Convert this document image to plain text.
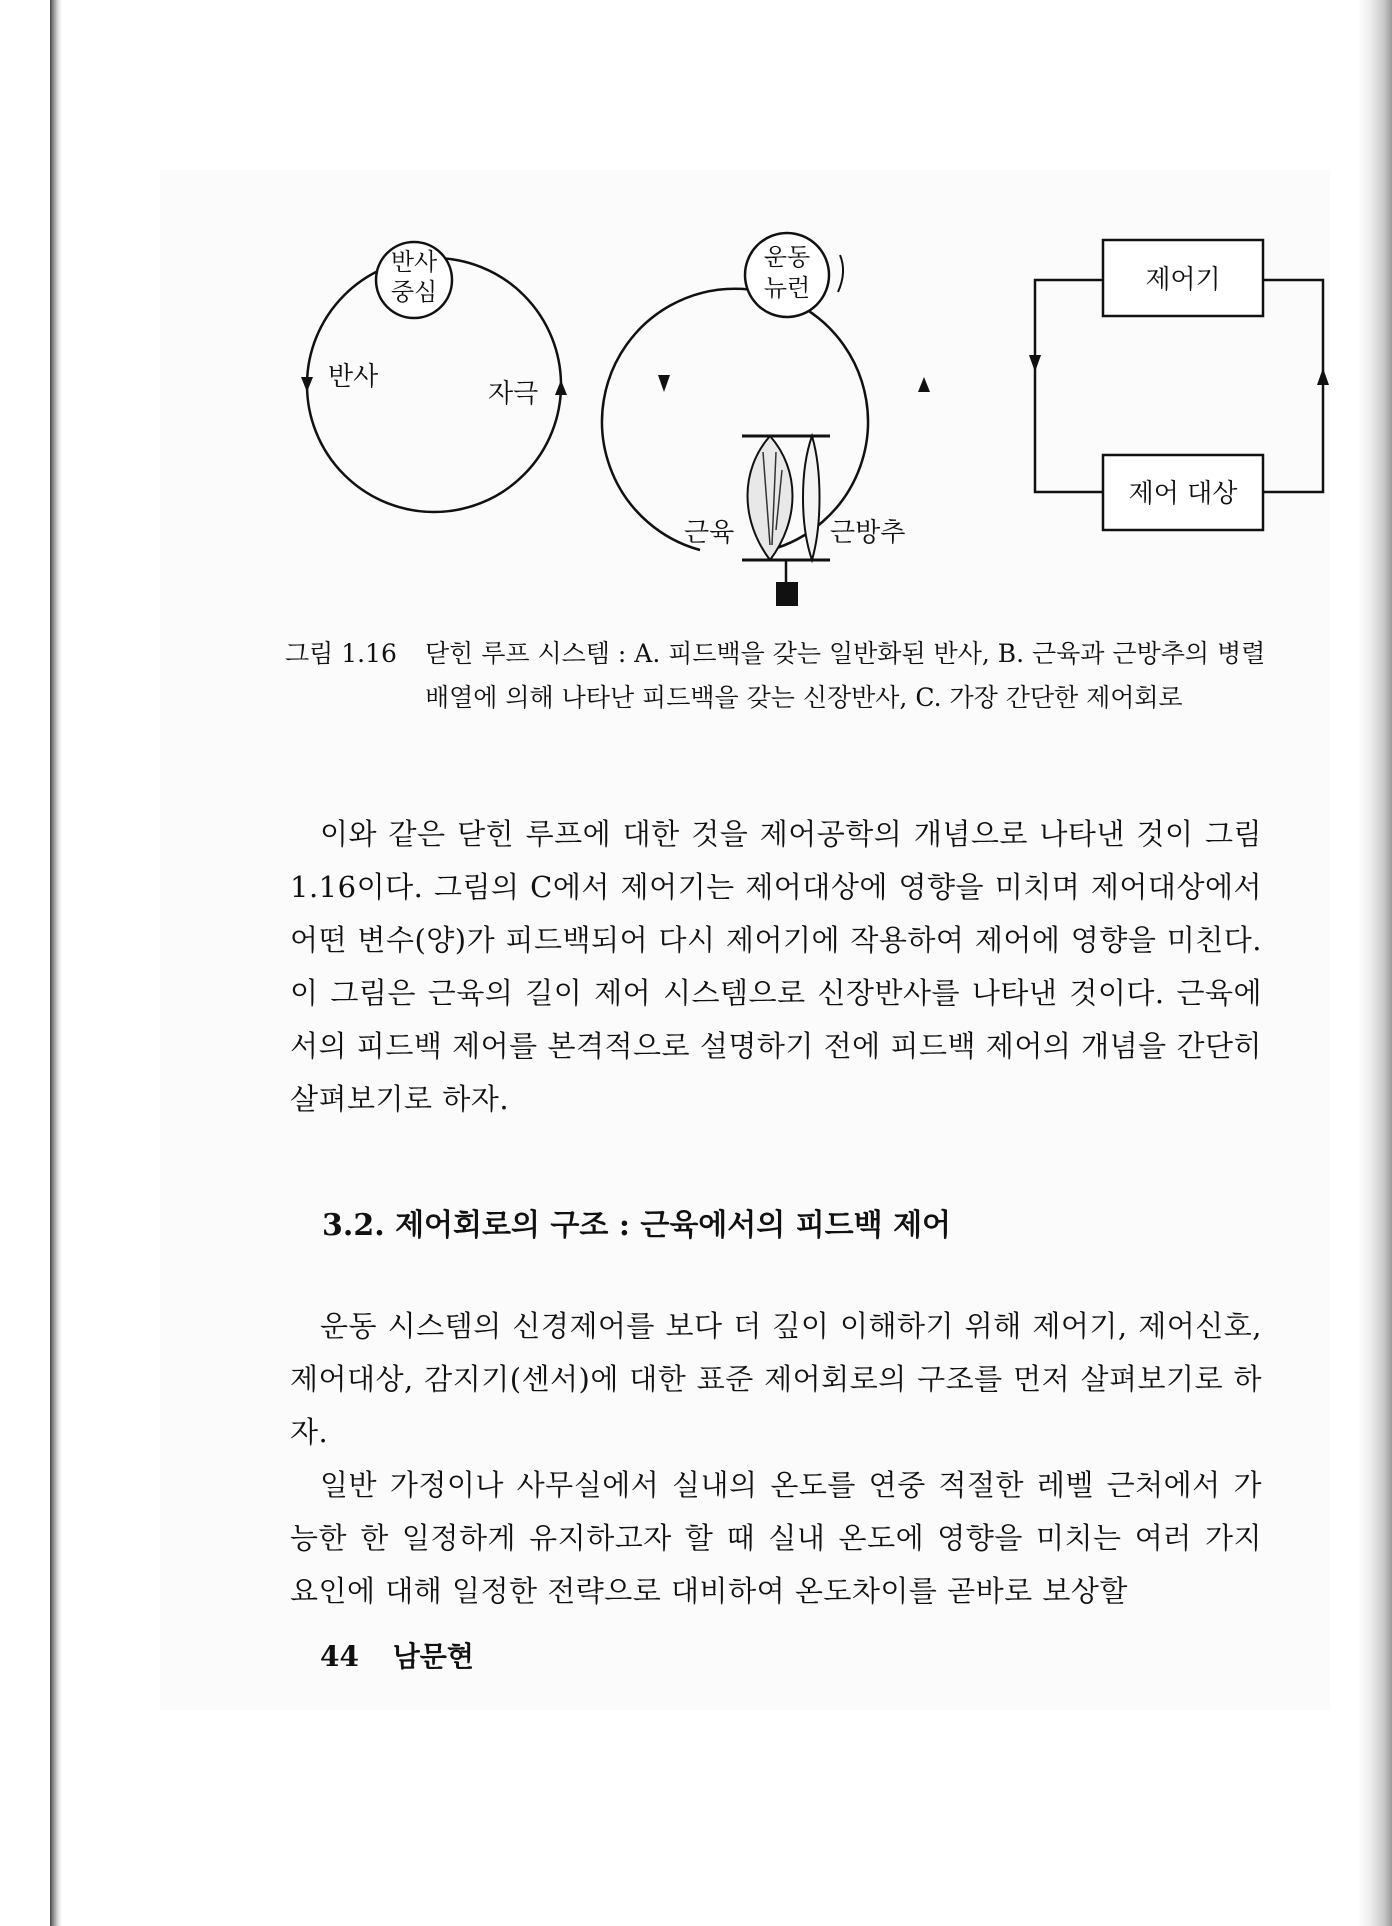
반사
중심
반사
자극
운동
뉴런
근육	근방추
제어기
제어 대상
그림 1.16	닫힌 루프 시스템 : A. 피드백을 갖는 일반화된 반사, B. 근육과 근방추의 병렬 배열에 의해 나타난 피드백을 갖는 신장반사, C. 가장 간단한 제어회로

이와 같은 닫힌 루프에 대한 것을 제어공학의 개념으로 나타낸 것이 그림 1.16이다. 그림의 C에서 제어기는 제어대상에 영향을 미치며 제어대상에서 어떤 변수(양)가 피드백되어 다시 제어기에 작용하여 제어에 영향을 미친다. 이 그림은 근육의 길이 제어 시스템으로 신장반사를 나타낸 것이다. 근육에서의 피드백 제어를 본격적으로 설명하기 전에 피드백 제어의 개념을 간단히 살펴보기로 하자.

3.2. 제어회로의 구조 : 근육에서의 피드백 제어

운동 시스템의 신경제어를 보다 더 깊이 이해하기 위해 제어기, 제어신호, 제어대상, 감지기(센서)에 대한 표준 제어회로의 구조를 먼저 살펴보기로 하자.

일반 가정이나 사무실에서 실내의 온도를 연중 적절한 레벨 근처에서 가능한 한 일정하게 유지하고자 할 때 실내 온도에 영향을 미치는 여러 가지 요인에 대해 일정한 전략으로 대비하여 온도차이를 곧바로 보상할

44 남문현
